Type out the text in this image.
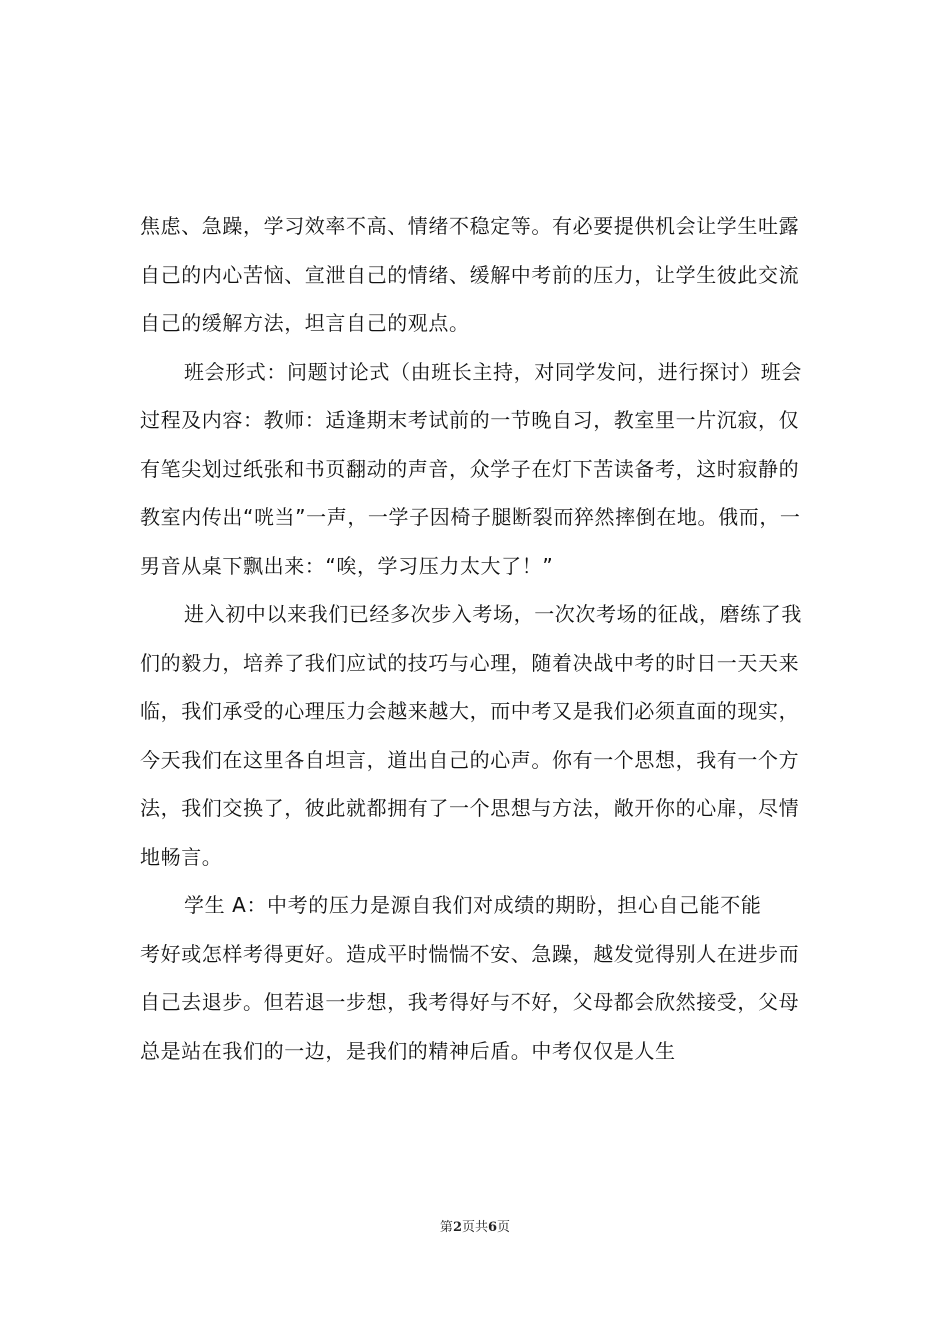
焦虑、急躁，学习效率不高、情绪不稳定等。有必要提供机会让学生吐露自己的内心苦恼、宣泄自己的情绪、缓解中考前的压力，让学生彼此交流自己的缓解方法，坦言自己的观点。

班会形式：问题讨论式（由班长主持，对同学发问，进行探讨）班会过程及内容：教师：适逢期末考试前的一节晚自习，教室里一片沉寂，仅有笔尖划过纸张和书页翻动的声音，众学子在灯下苦读备考，这时寂静的教室内传出“咣当”一声，一学子因椅子腿断裂而猝然摔倒在地。俄而，一男音从桌下飘出来：“唉，学习压力太大了！”

进入初中以来我们已经多次步入考场，一次次考场的征战，磨练了我们的毅力，培养了我们应试的技巧与心理，随着决战中考的时日一天天来临，我们承受的心理压力会越来越大，而中考又是我们必须直面的现实，今天我们在这里各自坦言，道出自己的心声。你有一个思想，我有一个方法，我们交换了，彼此就都拥有了一个思想与方法，敞开你的心扉，尽情地畅言。

学生 A：中考的压力是源自我们对成绩的期盼，担心自己能不能

考好或怎样考得更好。造成平时惴惴不安、急躁，越发觉得别人在进步而自己去退步。但若退一步想，我考得好与不好，父母都会欣然接受，父母总是站在我们的一边，是我们的精神后盾。中考仅仅是人生

第2页共6页
